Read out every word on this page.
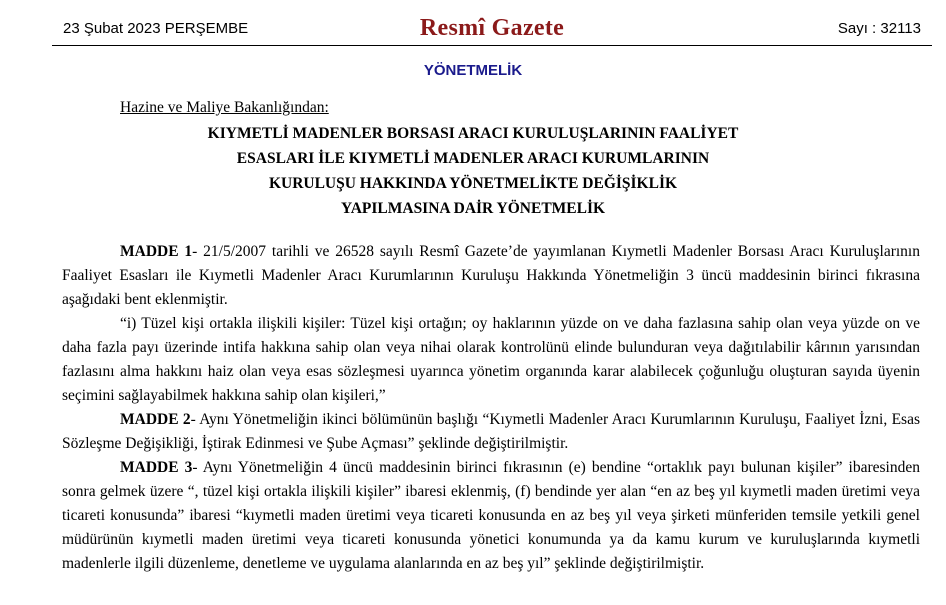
23 Şubat 2023 PERŞEMBE	Resmî Gazete	Sayı : 32113
YÖNETMELİK
Hazine ve Maliye Bakanlığından:
KIYMETLİ MADENLER BORSASI ARACI KURULUŞLARININ FAALİYET
ESASLARI İLE KIYMETLİ MADENLER ARACI KURUMLARININ
KURULUŞU HAKKINDA YÖNETMELİKTE DEĞİŞİKLİK
YAPILMASINA DAİR YÖNETMELİK

MADDE 1- 21/5/2007 tarihli ve 26528 sayılı Resmî Gazete’de yayımlanan Kıymetli Madenler Borsası Aracı Kuruluşlarının Faaliyet Esasları ile Kıymetli Madenler Aracı Kurumlarının Kuruluşu Hakkında Yönetmeliğin 3 üncü maddesinin birinci fıkrasına aşağıdaki bent eklenmiştir.

“i) Tüzel kişi ortakla ilişkili kişiler: Tüzel kişi ortağın; oy haklarının yüzde on ve daha fazlasına sahip olan veya yüzde on ve daha fazla payı üzerinde intifa hakkına sahip olan veya nihai olarak kontrolünü elinde bulunduran veya dağıtılabilir kârının yarısından fazlasını alma hakkını haiz olan veya esas sözleşmesi uyarınca yönetim organında karar alabilecek çoğunluğu oluşturan sayıda üyenin seçimini sağlayabilmek hakkına sahip olan kişileri,”

MADDE 2- Aynı Yönetmeliğin ikinci bölümünün başlığı “Kıymetli Madenler Aracı Kurumlarının Kuruluşu, Faaliyet İzni, Esas Sözleşme Değişikliği, İştirak Edinmesi ve Şube Açması” şeklinde değiştirilmiştir.

MADDE 3- Aynı Yönetmeliğin 4 üncü maddesinin birinci fıkrasının (e) bendine “ortaklık payı bulunan kişiler” ibaresinden sonra gelmek üzere “, tüzel kişi ortakla ilişkili kişiler” ibaresi eklenmiş, (f) bendinde yer alan “en az beş yıl kıymetli maden üretimi veya ticareti konusunda” ibaresi “kıymetli maden üretimi veya ticareti konusunda en az beş yıl veya şirketi münferiden temsile yetkili genel müdürünün kıymetli maden üretimi veya ticareti konusunda yönetici konumunda ya da kamu kurum ve kuruluşlarında kıymetli madenlerle ilgili düzenleme, denetleme ve uygulama alanlarında en az beş yıl” şeklinde değiştirilmiştir.
